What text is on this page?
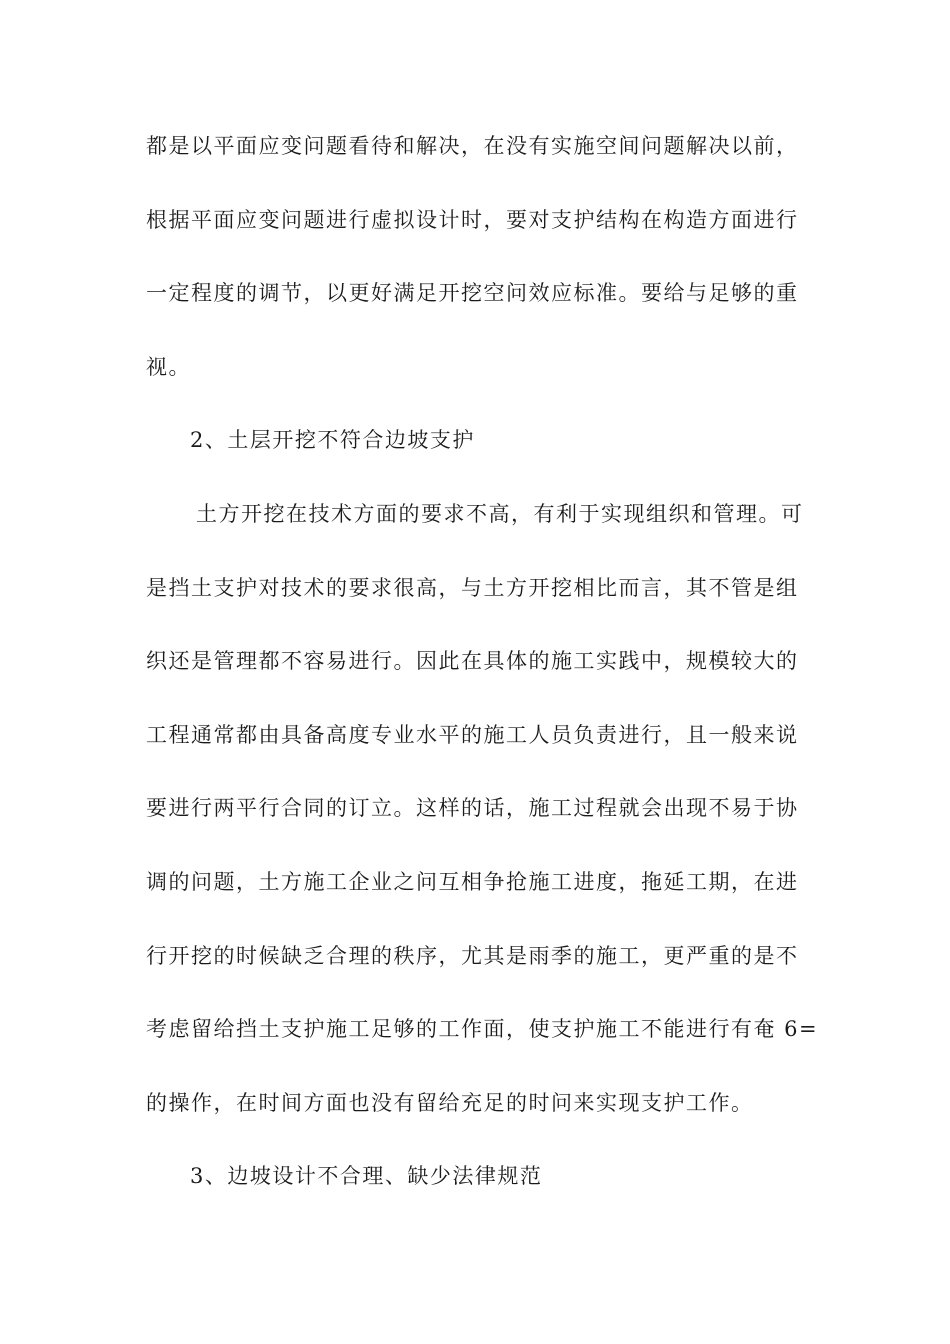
都是以平面应变问题看待和解决，在没有实施空间问题解决以前，
根据平面应变问题进行虚拟设计时，要对支护结构在构造方面进行
一定程度的调节，以更好满足开挖空问效应标准。要给与足够的重
视。
2、土层开挖不符合边坡支护
土方开挖在技术方面的要求不高，有利于实现组织和管理。可
是挡土支护对技术的要求很高，与土方开挖相比而言，其不管是组
织还是管理都不容易进行。因此在具体的施工实践中，规模较大的
工程通常都由具备高度专业水平的施工人员负责进行，且一般来说
要进行两平行合同的订立。这样的话，施工过程就会出现不易于协
调的问题，土方施工企业之问互相争抢施工进度，拖延工期，在进
行开挖的时候缺乏合理的秩序，尤其是雨季的施工，更严重的是不
考虑留给挡土支护施工足够的工作面，使支护施工不能进行有奄 6=
的操作，在时间方面也没有留给充足的时问来实现支护工作。
3、边坡设计不合理、缺少法律规范
